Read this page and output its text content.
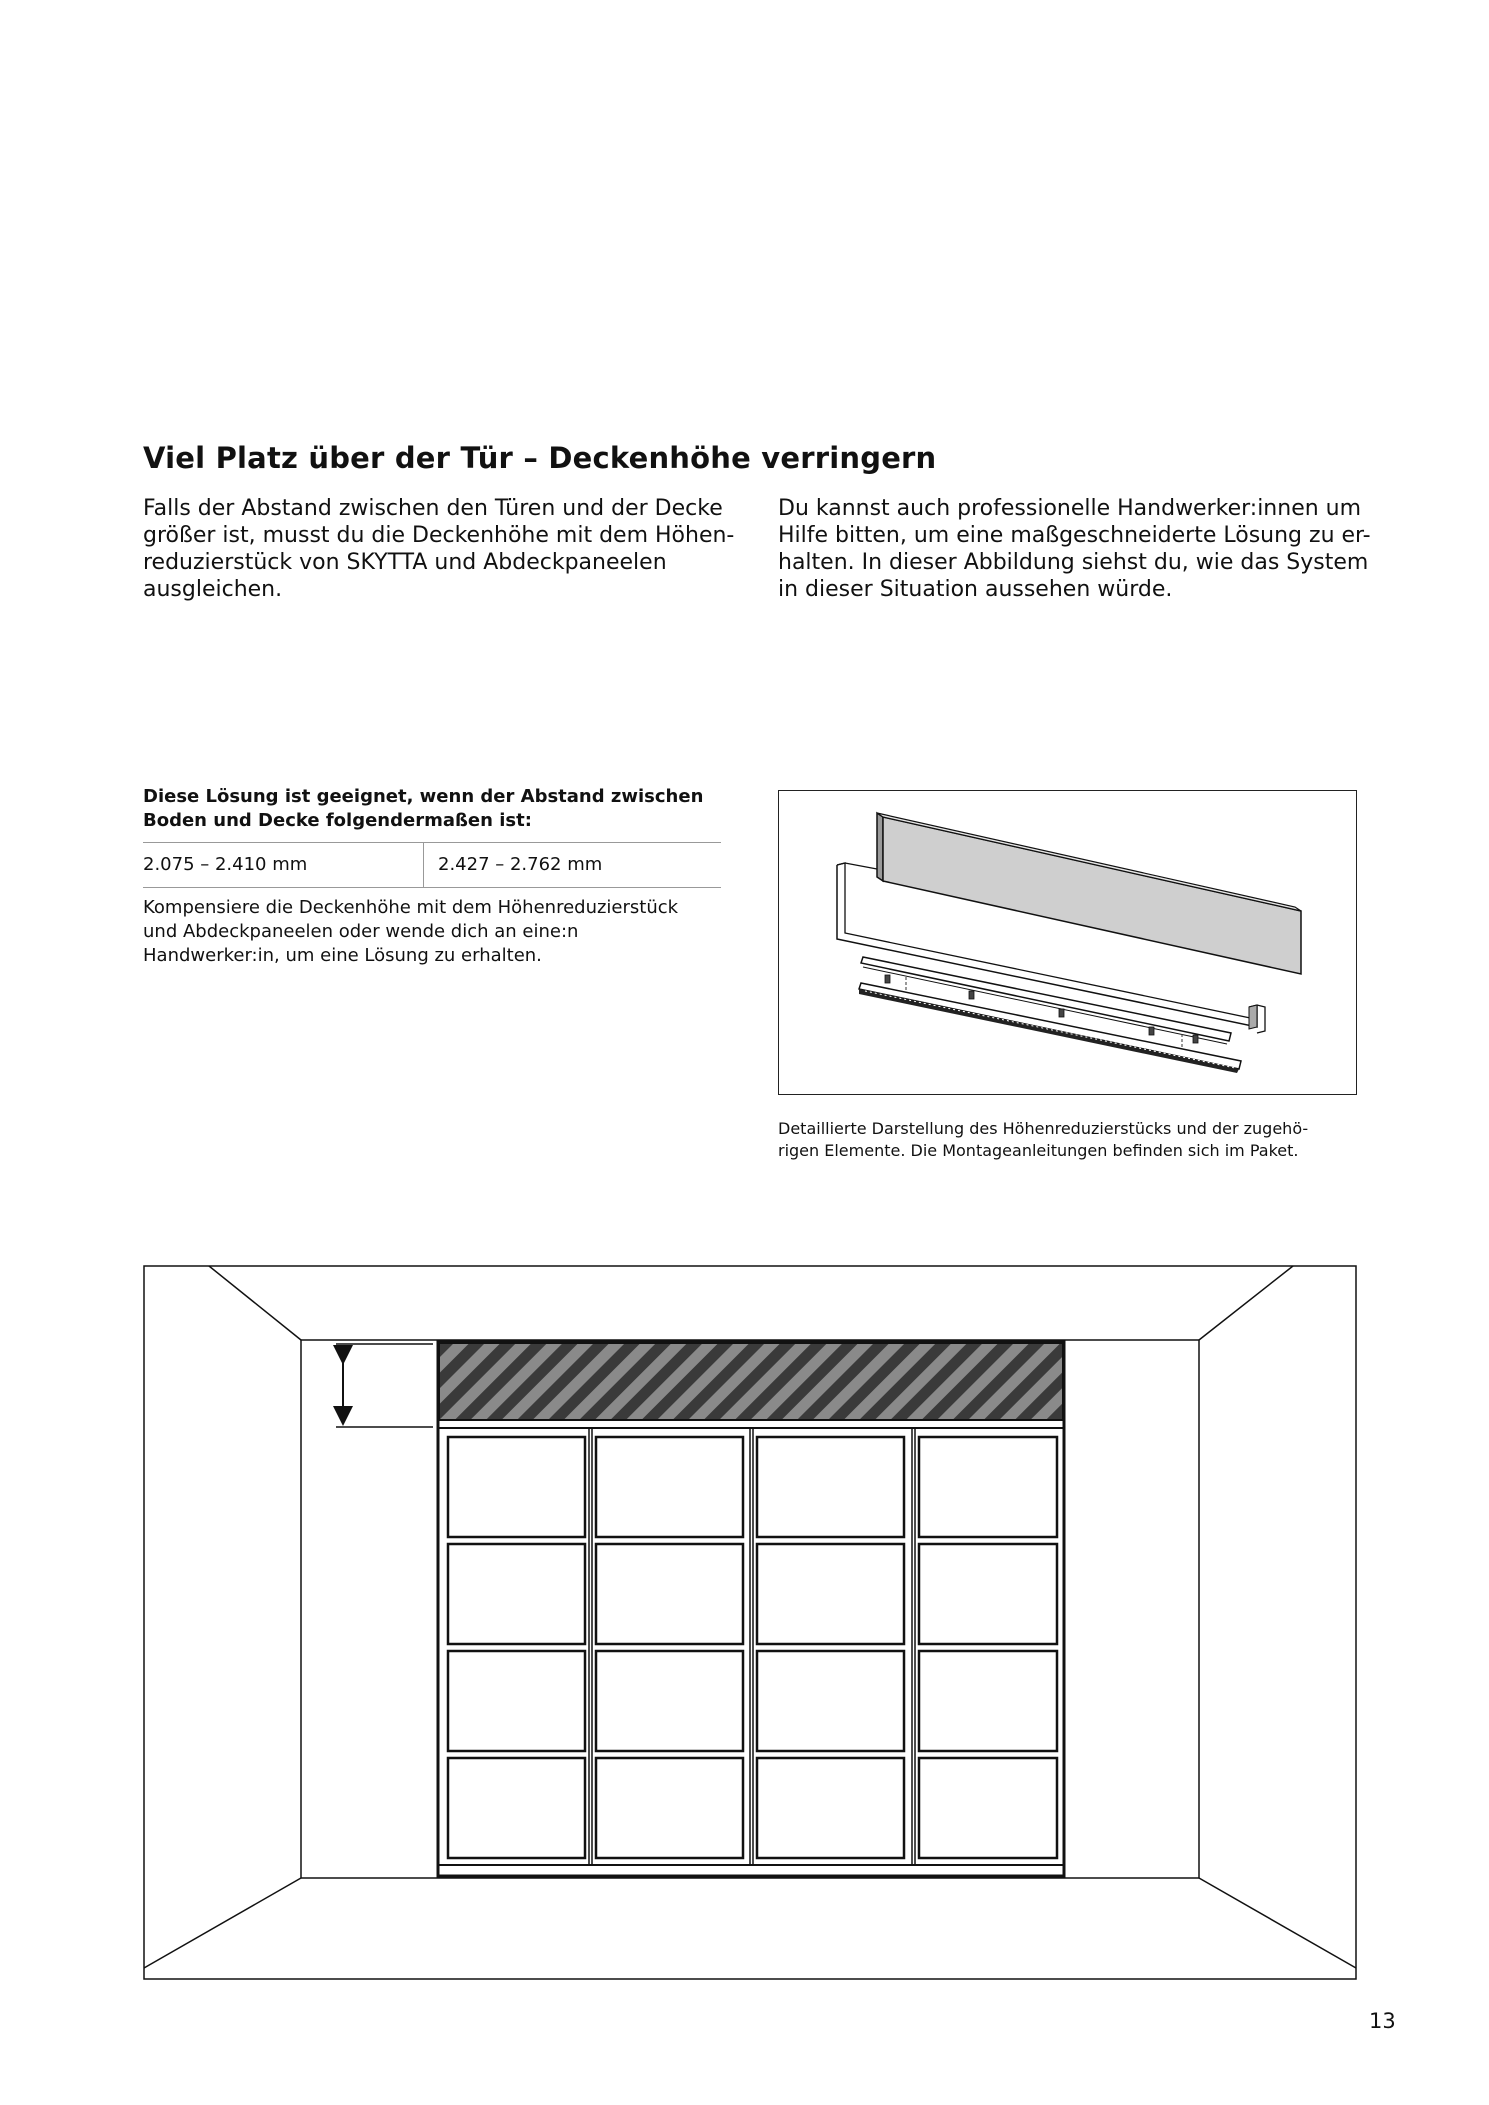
Viel Platz über der Tür – Deckenhöhe verringern
Falls der Abstand zwischen den Türen und der Decke
größer ist, musst du die Deckenhöhe mit dem Höhen-
reduzierstück von SKYTTA und Abdeckpaneelen
ausgleichen.
Du kannst auch professionelle Handwerker:innen um
Hilfe bitten, um eine maßgeschneiderte Lösung zu er-
halten. In dieser Abbildung siehst du, wie das System
in dieser Situation aussehen würde.
Diese Lösung ist geeignet, wenn der Abstand zwischen
Boden und Decke folgendermaßen ist:
2.075 – 2.410 mm	2.427 – 2.762 mm
Kompensiere die Deckenhöhe mit dem Höhenreduzierstück
und Abdeckpaneelen oder wende dich an eine:n
Handwerker:in, um eine Lösung zu erhalten.
Detaillierte Darstellung des Höhenreduzierstücks und der zugehö-
rigen Elemente. Die Montageanleitungen befinden sich im Paket.
13
